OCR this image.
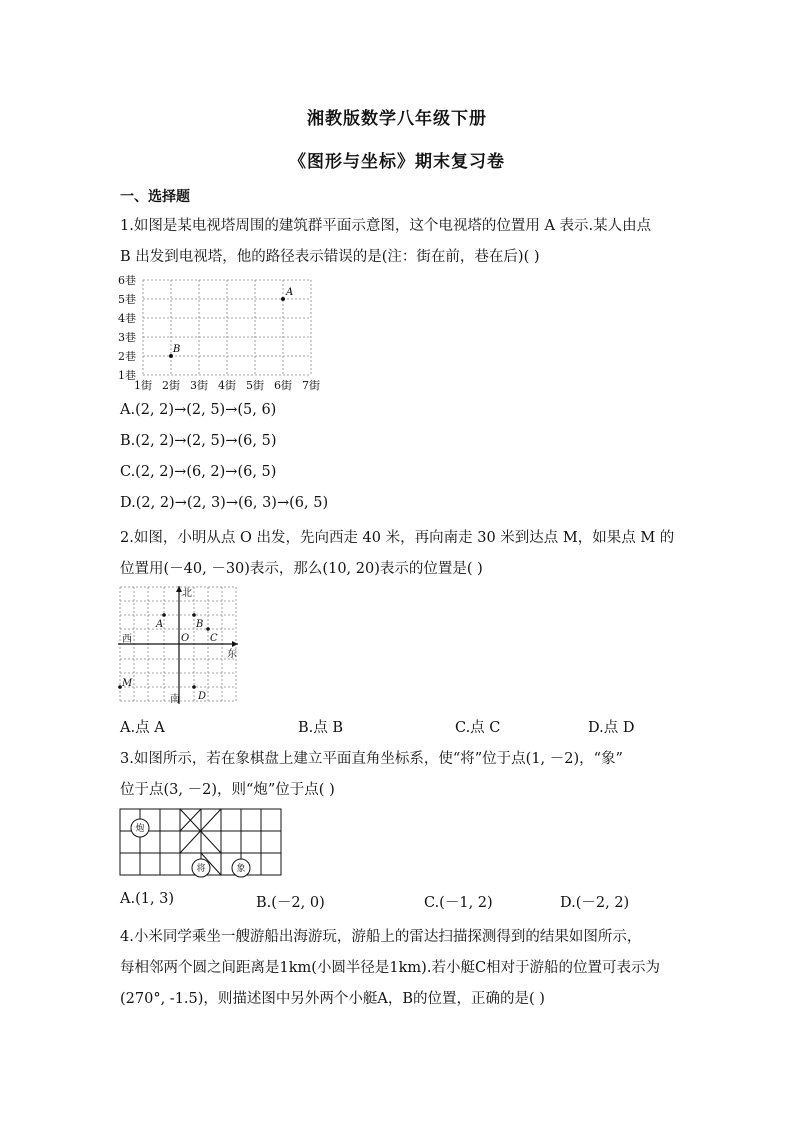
湘教版数学八年级下册
《图形与坐标》期末复习卷
一、选择题
1.如图是某电视塔周围的建筑群平面示意图，这个电视塔的位置用 A 表示.某人由点
B 出发到电视塔，他的路径表示错误的是(注：街在前，巷在后)( )
6巷
5巷
4巷
3巷
2巷
1巷
1街 2街 3街 4街 5街 6街 7街
A
B
A.(2, 2)→(2, 5)→(5, 6)
B.(2, 2)→(2, 5)→(6, 5)
C.(2, 2)→(6, 2)→(6, 5)
D.(2, 2)→(2, 3)→(6, 3)→(6, 5)
2.如图，小明从点 O 出发，先向西走 40 米，再向南走 30 米到达点 M，如果点 M 的
位置用(－40, －30)表示，那么(10, 20)表示的位置是( )
北
南
东
西	O
A	B
C
D
M
A.点 A	B.点 B	C.点 C	D.点 D
3.如图所示，若在象棋盘上建立平面直角坐标系，使“将”位于点(1, －2)，“象”
位于点(3, －2)，则“炮”位于点( )
炮
将	象
A.(1, 3)	B.(－2, 0)	C.(－1, 2)	D.(－2, 2)
4.小米同学乘坐一艘游船出海游玩，游船上的雷达扫描探测得到的结果如图所示，
每相邻两个圆之间距离是1km(小圆半径是1km).若小艇C相对于游船的位置可表示为
(270°, -1.5)，则描述图中另外两个小艇A，B的位置，正确的是( )
